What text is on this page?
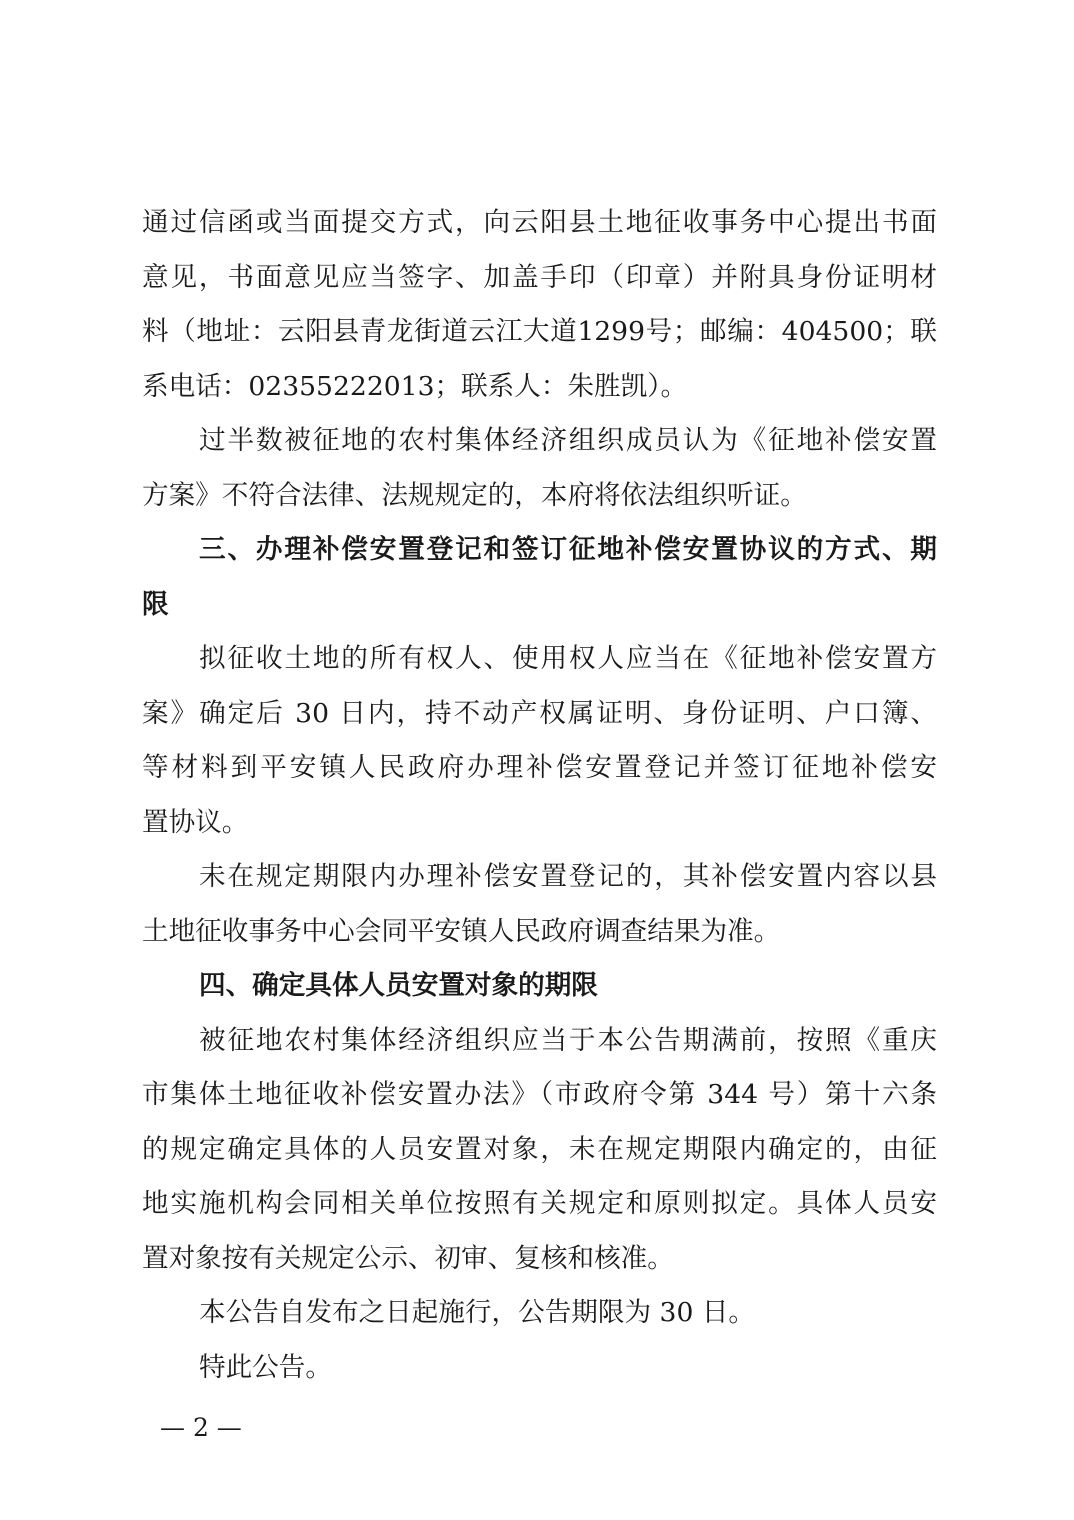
通过信函或当面提交方式，向云阳县土地征收事务中心提出书面
意见，书面意见应当签字、加盖手印（印章）并附具身份证明材
料（地址：云阳县青龙街道云江大道1299号；邮编：404500；联
系电话：02355222013；联系人：朱胜凯）。
过半数被征地的农村集体经济组织成员认为《征地补偿安置
方案》不符合法律、法规规定的，本府将依法组织听证。
三、办理补偿安置登记和签订征地补偿安置协议的方式、期
限
拟征收土地的所有权人、使用权人应当在《征地补偿安置方
案》确定后 30 日内，持不动产权属证明、身份证明、户口簿、
等材料到平安镇人民政府办理补偿安置登记并签订征地补偿安
置协议。
未在规定期限内办理补偿安置登记的，其补偿安置内容以县
土地征收事务中心会同平安镇人民政府调查结果为准。
四、确定具体人员安置对象的期限
被征地农村集体经济组织应当于本公告期满前，按照《重庆
市集体土地征收补偿安置办法》（市政府令第 344 号）第十六条
的规定确定具体的人员安置对象，未在规定期限内确定的，由征
地实施机构会同相关单位按照有关规定和原则拟定。具体人员安
置对象按有关规定公示、初审、复核和核准。
本公告自发布之日起施行，公告期限为 30 日。
特此公告。
— 2 —
